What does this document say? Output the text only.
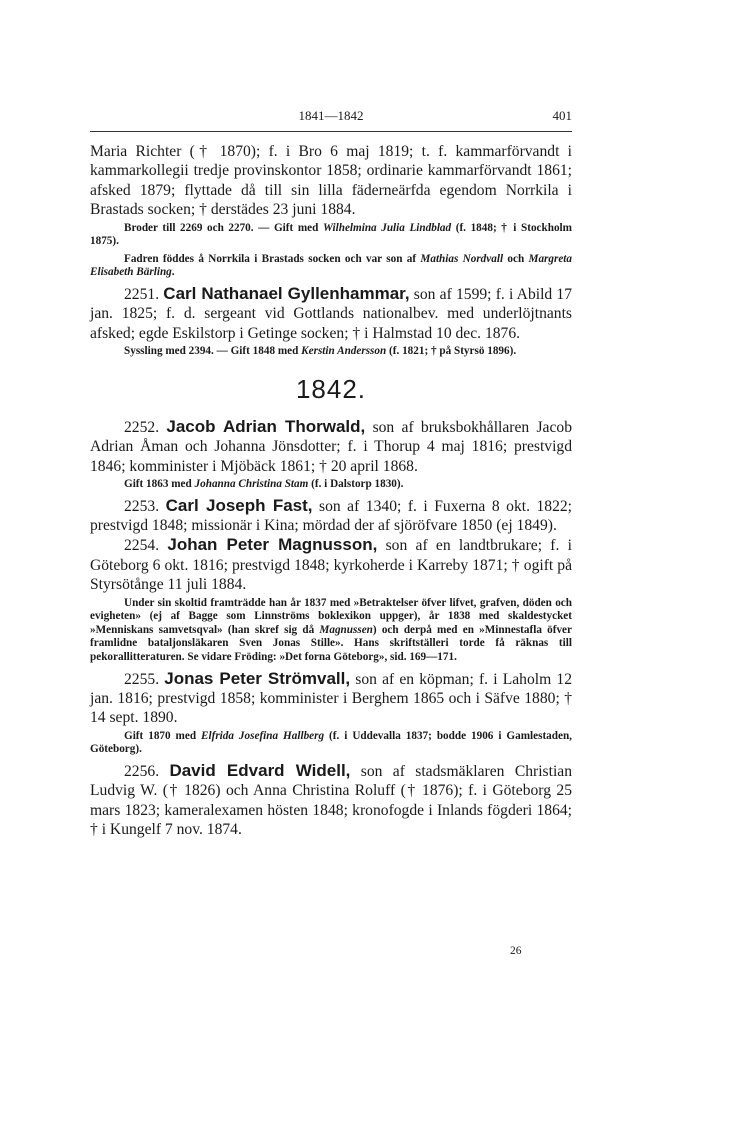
1841—1842	401

Maria Richter († 1870); f. i Bro 6 maj 1819; t. f. kammarförvandt i kammarkollegii tredje provinskontor 1858; ordinarie kammarförvandt 1861; afsked 1879; flyttade då till sin lilla fäderneärfda egendom Norrkila i Brastads socken; † derstädes 23 juni 1884.

Broder till 2269 och 2270. — Gift med Wilhelmina Julia Lindblad (f. 1848; † i Stockholm 1875).

Fadren föddes å Norrkila i Brastads socken och var son af Mathias Nordvall och Margreta Elisabeth Bärling.

2251. Carl Nathanael Gyllenhammar, son af 1599; f. i Abild 17 jan. 1825; f. d. sergeant vid Gottlands nationalbev. med underlöjtnants afsked; egde Eskilstorp i Getinge socken; † i Halmstad 10 dec. 1876.

Syssling med 2394. — Gift 1848 med Kerstin Andersson (f. 1821; † på Styrsö 1896).

1842.

2252. Jacob Adrian Thorwald, son af bruksbokhållaren Jacob Adrian Åman och Johanna Jönsdotter; f. i Thorup 4 maj 1816; prestvigd 1846; komminister i Mjöbäck 1861; † 20 april 1868.

Gift 1863 med Johanna Christina Stam (f. i Dalstorp 1830).

2253. Carl Joseph Fast, son af 1340; f. i Fuxerna 8 okt. 1822; prestvigd 1848; missionär i Kina; mördad der af sjöröfvare 1850 (ej 1849).

2254. Johan Peter Magnusson, son af en landtbrukare; f. i Göteborg 6 okt. 1816; prestvigd 1848; kyrkoherde i Karreby 1871; † ogift på Styrsötånge 11 juli 1884.

Under sin skoltid framträdde han år 1837 med »Betraktelser öfver lifvet, grafven, döden och evigheten» (ej af Bagge som Linnströms boklexikon uppger), år 1838 med skaldestycket »Menniskans samvetsqval» (han skref sig då Magnussen) och derpå med en »Minnestafla öfver framlidne bataljonsläkaren Sven Jonas Stille». Hans skriftställeri torde få räknas till pekorallitteraturen. Se vidare Fröding: »Det forna Göteborg», sid. 169—171.

2255. Jonas Peter Strömvall, son af en köpman; f. i Laholm 12 jan. 1816; prestvigd 1858; komminister i Berghem 1865 och i Säfve 1880; † 14 sept. 1890.

Gift 1870 med Elfrida Josefina Hallberg (f. i Uddevalla 1837; bodde 1906 i Gamlestaden, Göteborg).

2256. David Edvard Widell, son af stadsmäklaren Christian Ludvig W. († 1826) och Anna Christina Roluff († 1876); f. i Göteborg 25 mars 1823; kameralexamen hösten 1848; kronofogde i Inlands fögderi 1864; † i Kungelf 7 nov. 1874.

26
